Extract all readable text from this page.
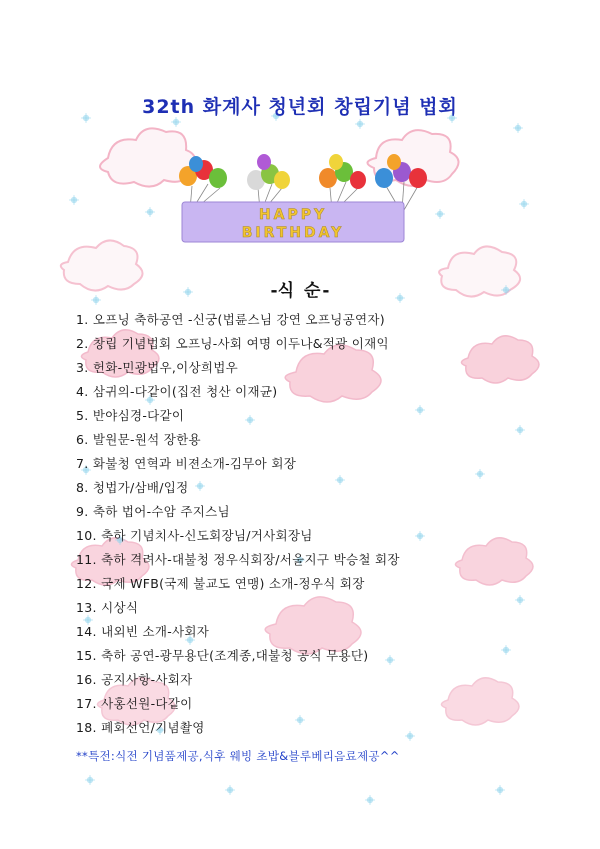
32th 화계사 청년회 창립기념 법회
HAPPY
BIRTHDAY
-식 순-
1. 오프닝 축하공연 -신궁(법륜스님 강연 오프닝공연자)
2. 창립 기념법회 오프닝-사회 여명 이두나&적광 이재익
3. 헌화-민광법우,이상희법우
4. 삼귀의-다같이(집전 청산 이재균)
5. 반야심경-다같이
6. 발원문-원석 장한용
7. 화불청 연혁과 비젼소개-김무아 회장
8. 청법가/삼배/입정
9. 축하 법어-수암 주지스님
10. 축하 기념치사-신도회장님/거사회장님
11. 축하 격려사-대불청 정우식회장/서울지구 박승철 회장
12. 국제 WFB(국제 불교도 연맹) 소개-정우식 회장
13. 시상식
14. 내외빈 소개-사회자
15. 축하 공연-광무용단(조계종,대불청 공식 무용단)
16. 공지사항-사회자
17. 사홍선원-다같이
18. 폐회선언/기념촬영
**특전:식전 기념품제공,식후 웨빙 초밥&블루베리음료제공^^
